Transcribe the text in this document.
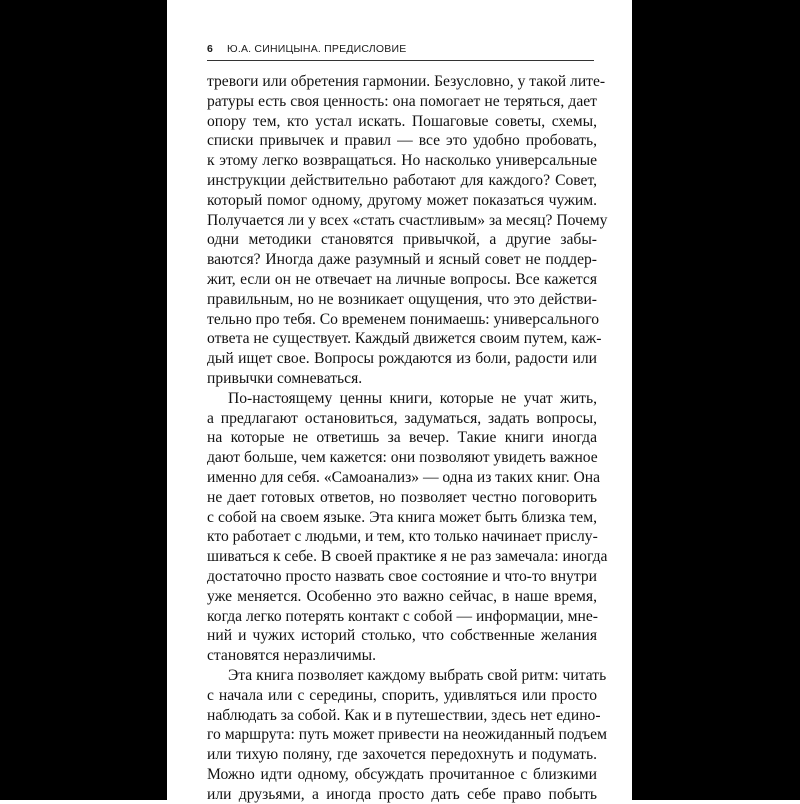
6 Ю.А. СИНИЦЫНА. ПРЕДИСЛОВИЕ
тревоги или обретения гармонии. Безусловно, у такой лите-
ратуры есть своя ценность: она помогает не теряться, дает
опору тем, кто устал искать. Пошаговые советы, схемы,
списки привычек и правил — все это удобно пробовать,
к этому легко возвращаться. Но насколько универсальные
инструкции действительно работают для каждого? Совет,
который помог одному, другому может показаться чужим.
Получается ли у всех «стать счастливым» за месяц? Почему
одни методики становятся привычкой, а другие забы-
ваются? Иногда даже разумный и ясный совет не поддер-
жит, если он не отвечает на личные вопросы. Все кажется
правильным, но не возникает ощущения, что это действи-
тельно про тебя. Со временем понимаешь: универсального
ответа не существует. Каждый движется своим путем, каж-
дый ищет свое. Вопросы рождаются из боли, радости или
привычки сомневаться.
По-настоящему ценны книги, которые не учат жить,
а предлагают остановиться, задуматься, задать вопросы,
на которые не ответишь за вечер. Такие книги иногда
дают больше, чем кажется: они позволяют увидеть важное
именно для себя. «Самоанализ» — одна из таких книг. Она
не дает готовых ответов, но позволяет честно поговорить
с собой на своем языке. Эта книга может быть близка тем,
кто работает с людьми, и тем, кто только начинает прислу-
шиваться к себе. В своей практике я не раз замечала: иногда
достаточно просто назвать свое состояние и что-то внутри
уже меняется. Особенно это важно сейчас, в наше время,
когда легко потерять контакт с собой — информации, мне-
ний и чужих историй столько, что собственные желания
становятся неразличимы.
Эта книга позволяет каждому выбрать свой ритм: читать
с начала или с середины, спорить, удивляться или просто
наблюдать за собой. Как и в путешествии, здесь нет едино-
го маршрута: путь может привести на неожиданный подъем
или тихую поляну, где захочется передохнуть и подумать.
Можно идти одному, обсуждать прочитанное с близкими
или друзьями, а иногда просто дать себе право побыть
